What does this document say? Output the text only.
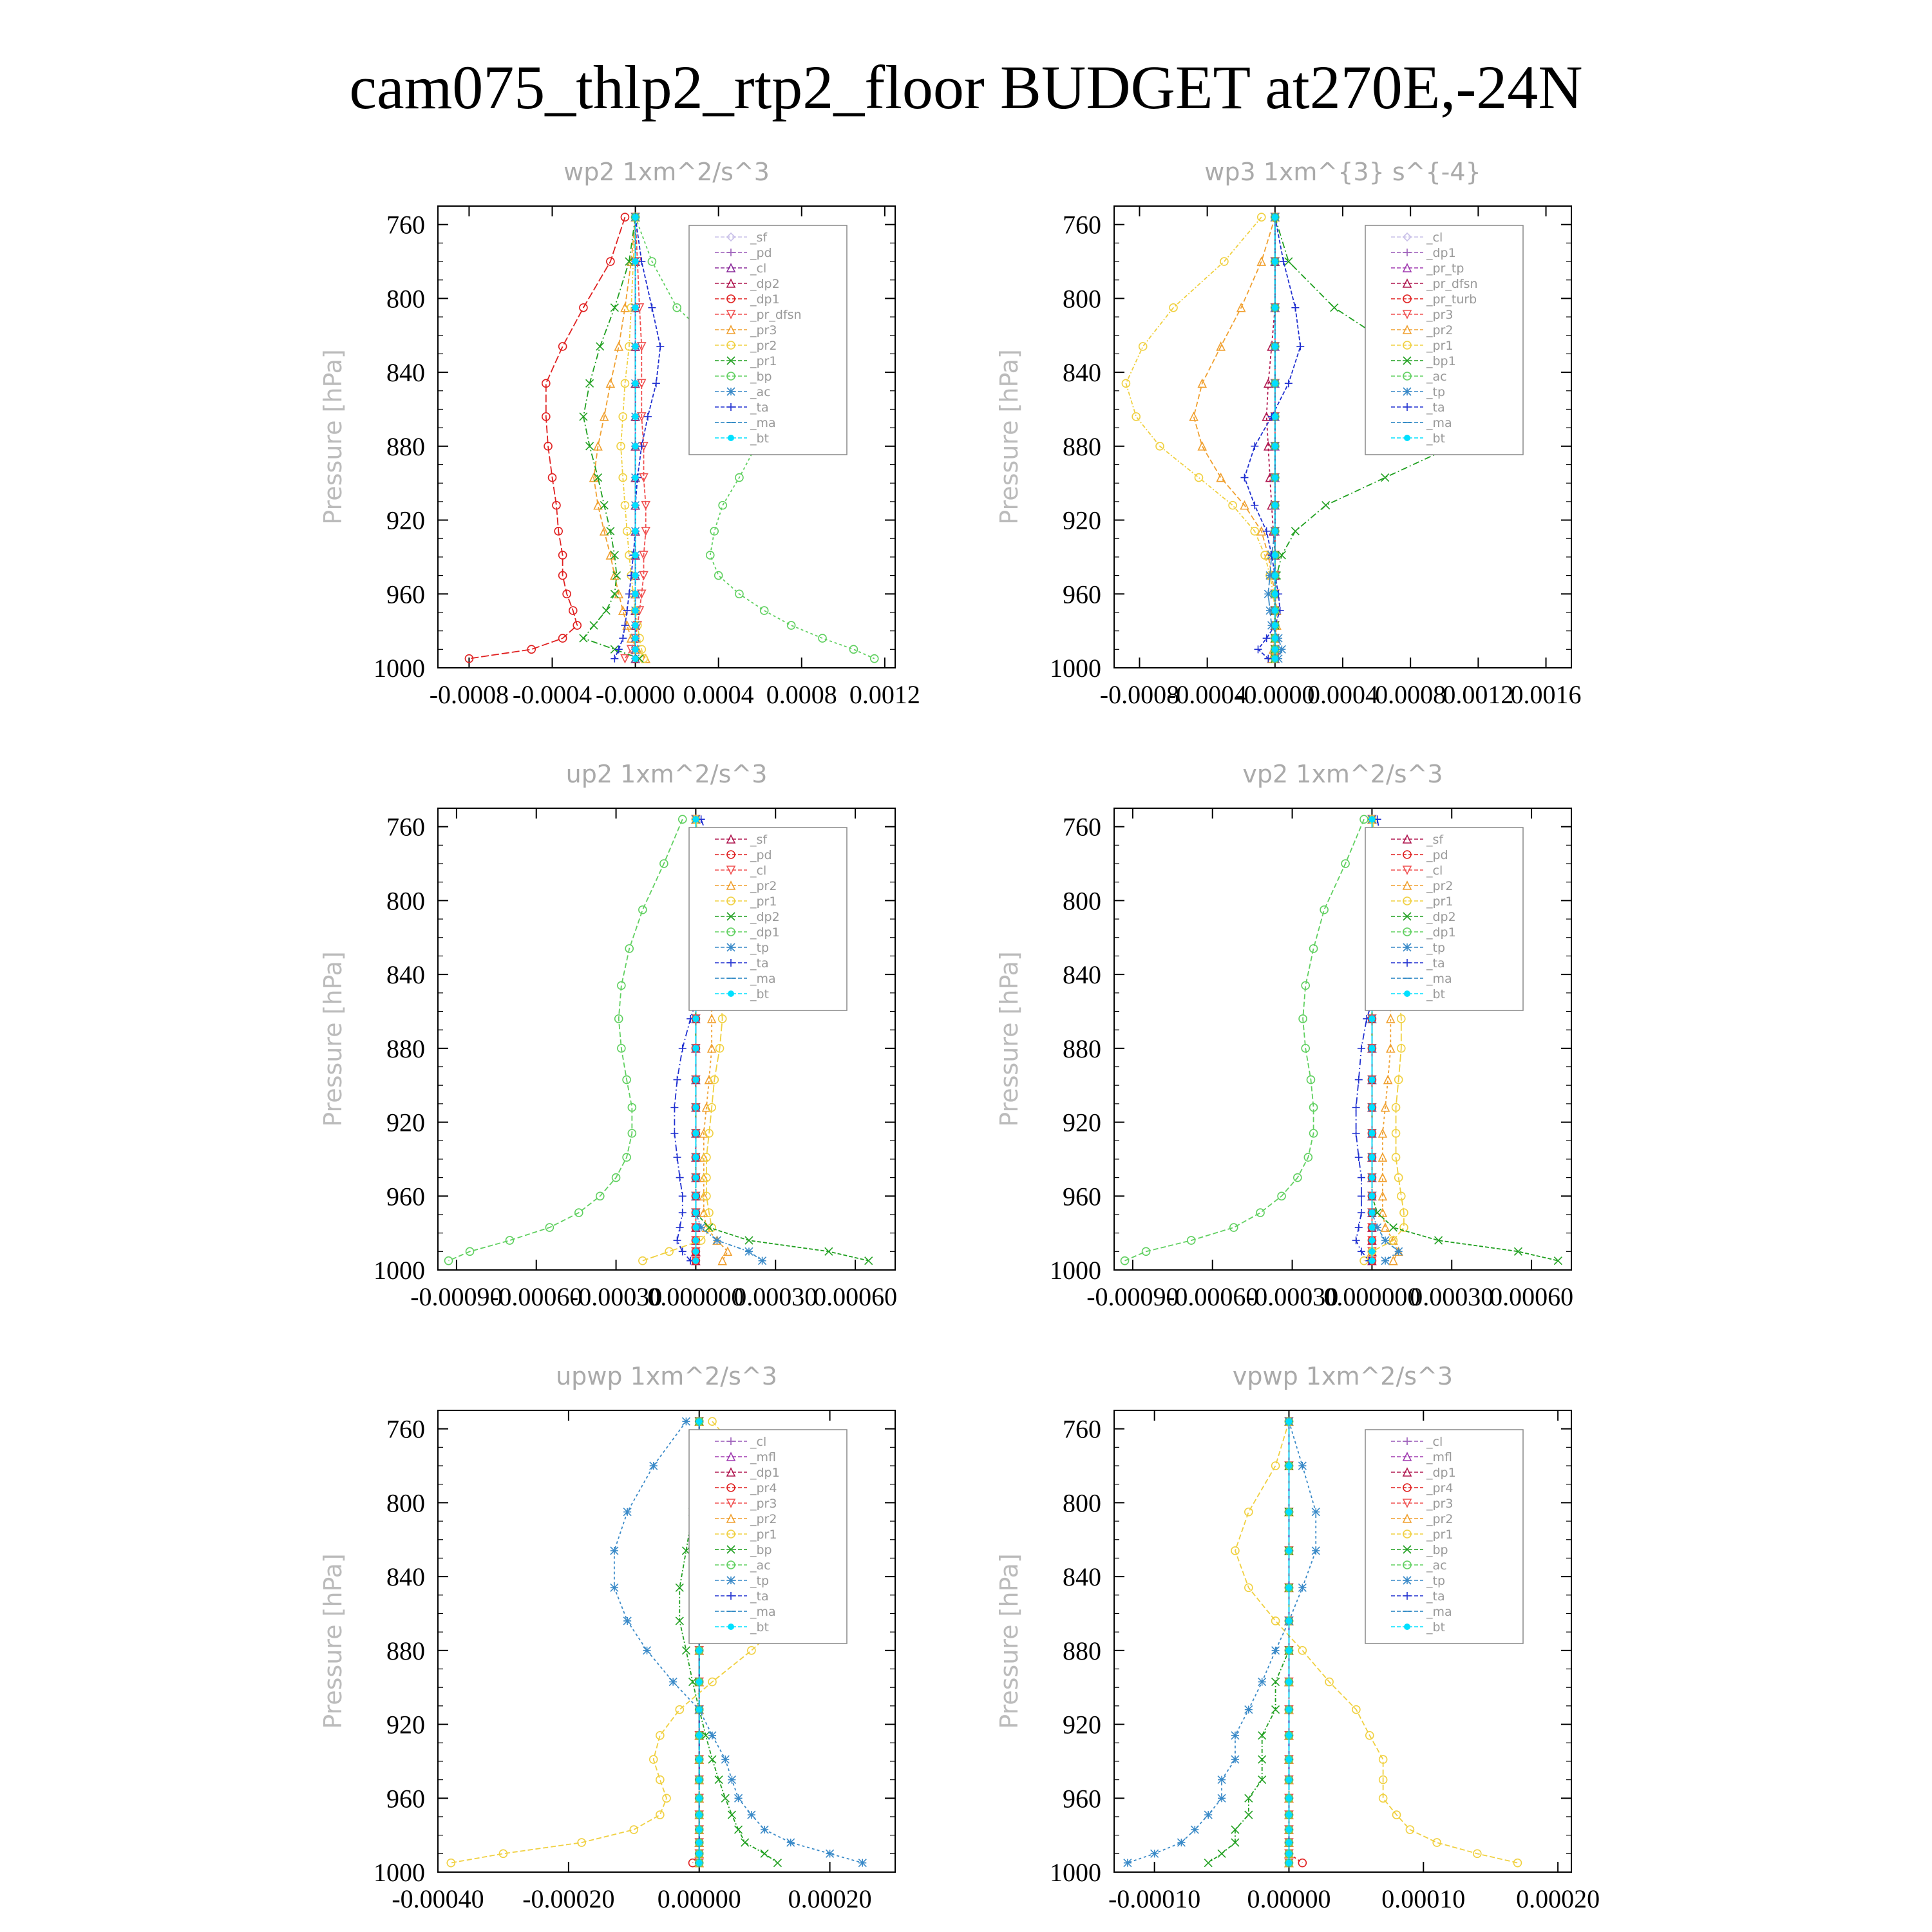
cam075_thlp2_rtp2_floor BUDGET at270E,-24N
wp2 1xm^2/s^3
Pressure [hPa]
760
800
840
880
920
960
1000
-0.0008 -0.0004 -0.0000 0.0004 0.0008 0.0012
_sf
_pd
_cl
_dp2
_dp1
_pr_dfsn
_pr3
_pr2
_pr1
_bp
_ac
_ta
_ma
_bt
wp3 1xm^{3} s^{-4}
Pressure [hPa]
760
800
840
880
920
960
1000
-0.0008
-0.0004
-0.0000
0.0004
0.0008
0.0012
0.0016
_cl
_dp1
_pr_tp
_pr_dfsn
_pr_turb
_pr3
_pr2
_pr1
_bp1
_ac
_tp
_ta
_ma
_bt
up2 1xm^2/s^3
Pressure [hPa]
760
800
840
880
920
960
1000
-0.00090
-0.00060
-0.00030
0.000000
0.00030
0.00060
_sf
_pd
_cl
_pr2
_pr1
_dp2
_dp1
_tp
_ta
_ma
_bt
vp2 1xm^2/s^3
Pressure [hPa]
760
800
840
880
920
960
1000
-0.00090
-0.00060
-0.00030
0.000000
0.00030
0.00060
_sf
_pd
_cl
_pr2
_pr1
_dp2
_dp1
_tp
_ta
_ma
_bt
upwp 1xm^2/s^3
Pressure [hPa]
760
800
840
880
920
960
1000
-0.00040 -0.00020 0.00000 0.00020
_cl
_mfl
_dp1
_pr4
_pr3
_pr2
_pr1
_bp
_ac
_tp
_ta
_ma
_bt
vpwp 1xm^2/s^3
Pressure [hPa]
760
800
840
880
920
960
1000
-0.00010 0.00000 0.00010 0.00020
_cl
_mfl
_dp1
_pr4
_pr3
_pr2
_pr1
_bp
_ac
_tp
_ta
_ma
_bt
